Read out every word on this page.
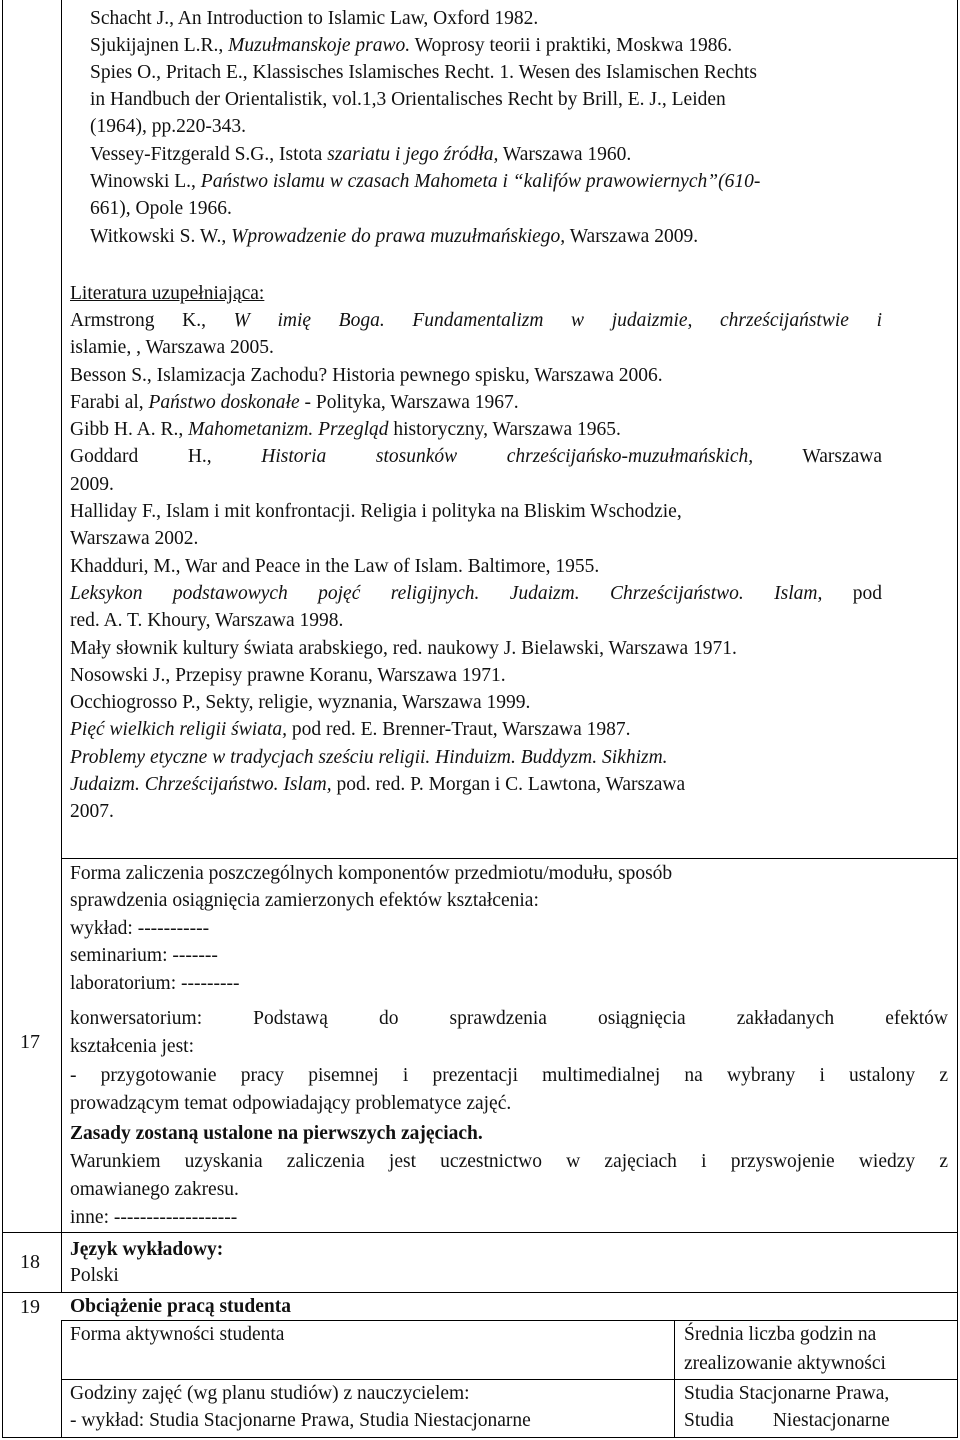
Schacht J., An Introduction to Islamic Law, Oxford 1982.
Sjukijajnen L.R., Muzułmanskoje prawo. Woprosy teorii i praktiki, Moskwa 1986.
Spies O., Pritach E., Klassisches Islamisches Recht. 1. Wesen des Islamischen Rechts
in Handbuch der Orientalistik, vol.1,3 Orientalisches Recht by Brill, E. J., Leiden
(1964), pp.220-343.
Vessey-Fitzgerald S.G., Istota szariatu i jego źródła, Warszawa 1960.
Winowski L., Państwo islamu w czasach Mahometa i “kalifów prawowiernych”(610-
661), Opole 1966.
Witkowski S. W., Wprowadzenie do prawa muzułmańskiego, Warszawa 2009.
Literatura uzupełniająca:
Armstrong K., W imię Boga. Fundamentalizm w judaizmie, chrześcijaństwie i
islamie, , Warszawa 2005.
Besson S., Islamizacja Zachodu? Historia pewnego spisku, Warszawa 2006.
Farabi al, Państwo doskonałe - Polityka, Warszawa 1967.
Gibb H. A. R., Mahometanizm. Przegląd historyczny, Warszawa 1965.
Goddard H., Historia stosunków chrześcijańsko-muzułmańskich, Warszawa
2009.
Halliday F., Islam i mit konfrontacji. Religia i polityka na Bliskim Wschodzie,
Warszawa 2002.
Khadduri, M., War and Peace in the Law of Islam. Baltimore, 1955.
Leksykon podstawowych pojęć religijnych. Judaizm. Chrześcijaństwo. Islam, pod
red. A. T. Khoury, Warszawa 1998.
Mały słownik kultury świata arabskiego, red. naukowy J. Bielawski, Warszawa 1971.
Nosowski J., Przepisy prawne Koranu, Warszawa 1971.
Occhiogrosso P., Sekty, religie, wyznania, Warszawa 1999.
Pięć wielkich religii świata, pod red. E. Brenner-Traut, Warszawa 1987.
Problemy etyczne w tradycjach sześciu religii. Hinduizm. Buddyzm. Sikhizm.
Judaizm. Chrześcijaństwo. Islam, pod. red. P. Morgan i C. Lawtona, Warszawa
2007.
17
Forma zaliczenia poszczególnych komponentów przedmiotu/modułu, sposób
sprawdzenia osiągnięcia zamierzonych efektów kształcenia:
wykład: -----------
seminarium: -------
laboratorium: ---------
konwersatorium: Podstawą do sprawdzenia osiągnięcia zakładanych efektów
kształcenia jest:
- przygotowanie pracy pisemnej i prezentacji multimedialnej na wybrany i ustalony z
prowadzącym temat odpowiadający problematyce zajęć.
Zasady zostaną ustalone na pierwszych zajęciach.
Warunkiem uzyskania zaliczenia jest uczestnictwo w zajęciach i przyswojenie wiedzy z
omawianego zakresu.
inne: -------------------
18
Język wykładowy:
Polski
19 Obciążenie pracą studenta
Forma aktywności studenta	Średnia liczba godzin na
zrealizowanie aktywności
Godziny zajęć (wg planu studiów) z nauczycielem:
- wykład: Studia Stacjonarne Prawa, Studia Niestacjonarne
Studia Stacjonarne Prawa,
Studia        Niestacjonarne
